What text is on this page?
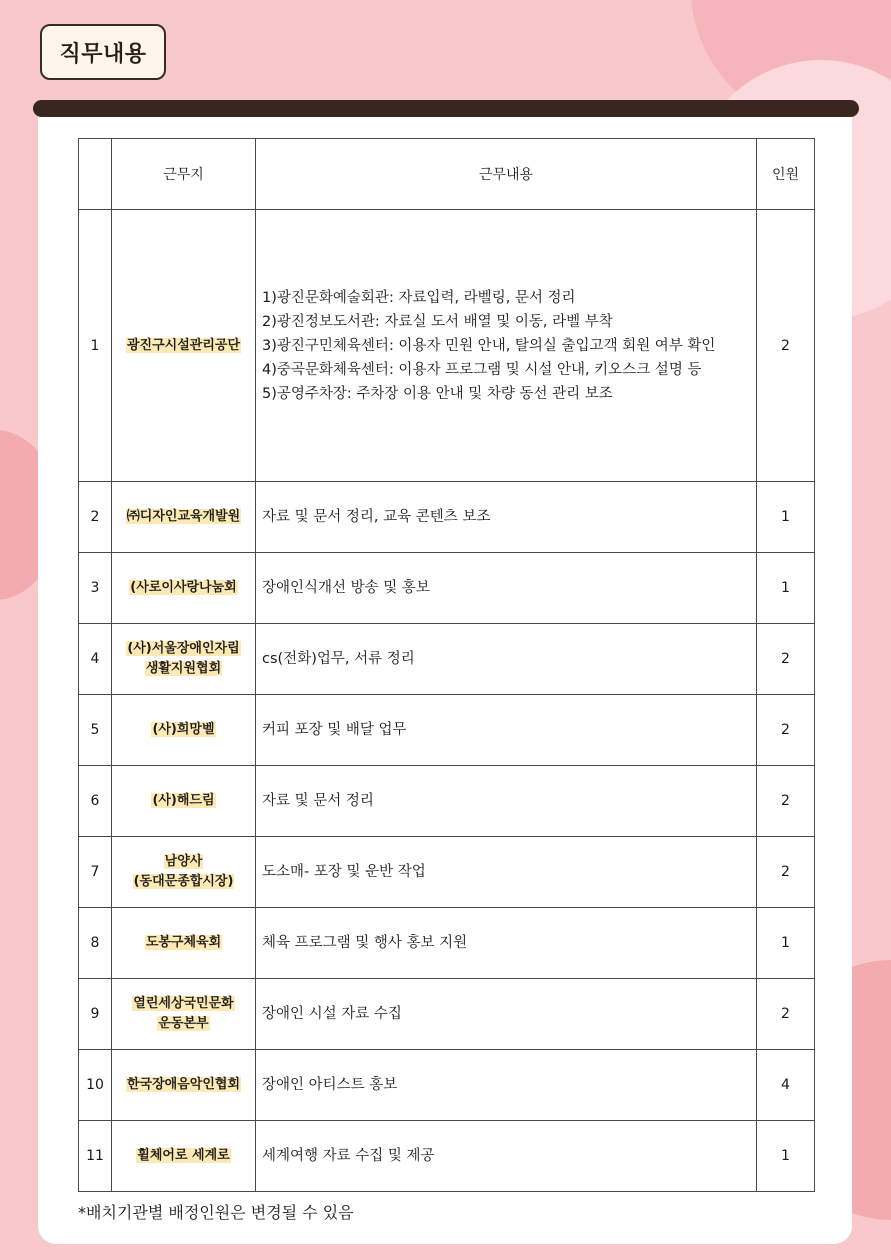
직무내용
	근무지	근무내용	인원
1	광진구시설관리공단	1)광진문화예술회관: 자료입력, 라벨링, 문서 정리
2)광진정보도서관: 자료실 도서 배열 및 이동, 라벨 부착
3)광진구민체육센터: 이용자 민원 안내, 탈의실 출입고객 회원 여부 확인
4)중곡문화체육센터: 이용자 프로그램 및 시설 안내, 키오스크 설명 등
5)공영주차장: 주차장 이용 안내 및 차량 동선 관리 보조	2
2	㈜디자인교육개발원	자료 및 문서 정리, 교육 콘텐츠 보조	1
3	(사로이사랑나눔회	장애인식개선 방송 및 홍보	1
4	(사)서울장애인자립
생활지원협회	cs(전화)업무, 서류 정리	2
5	(사)희망벨	커피 포장 및 배달 업무	2
6	(사)해드림	자료 및 문서 정리	2
7	남양사
(동대문종합시장)	도소매- 포장 및 운반 작업	2
8	도봉구체육회	체육 프로그램 및 행사 홍보 지원	1
9	열린세상국민문화
운동본부	장애인 시설 자료 수집	2
10	한국장애음악인협회	장애인 아티스트 홍보	4
11	휠체어로 세계로	세계여행 자료 수집 및 제공	1
*배치기관별 배정인원은 변경될 수 있음
